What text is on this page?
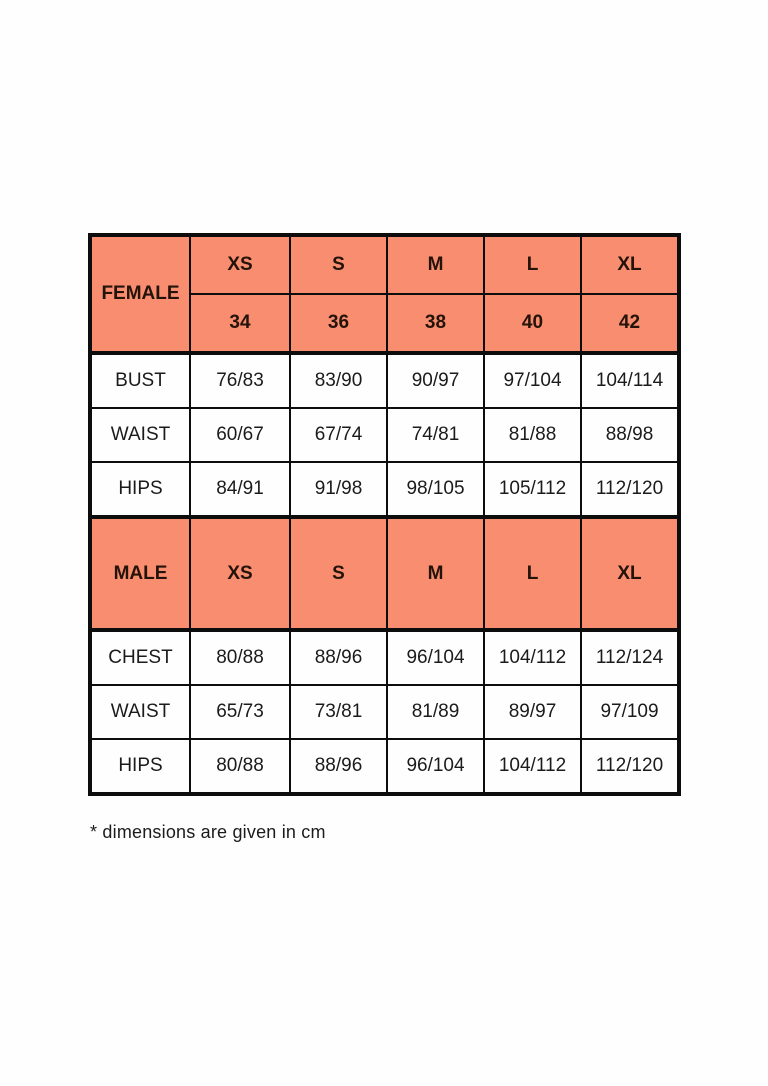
FEMALE	XS	S	M	L	XL
	34	36	38	40	42
BUST	76/83	83/90	90/97	97/104	104/114
WAIST	60/67	67/74	74/81	81/88	88/98
HIPS	84/91	91/98	98/105	105/112	112/120
MALE	XS	S	M	L	XL
CHEST	80/88	88/96	96/104	104/112	112/124
WAIST	65/73	73/81	81/89	89/97	97/109
HIPS	80/88	88/96	96/104	104/112	112/120
* dimensions are given in cm
